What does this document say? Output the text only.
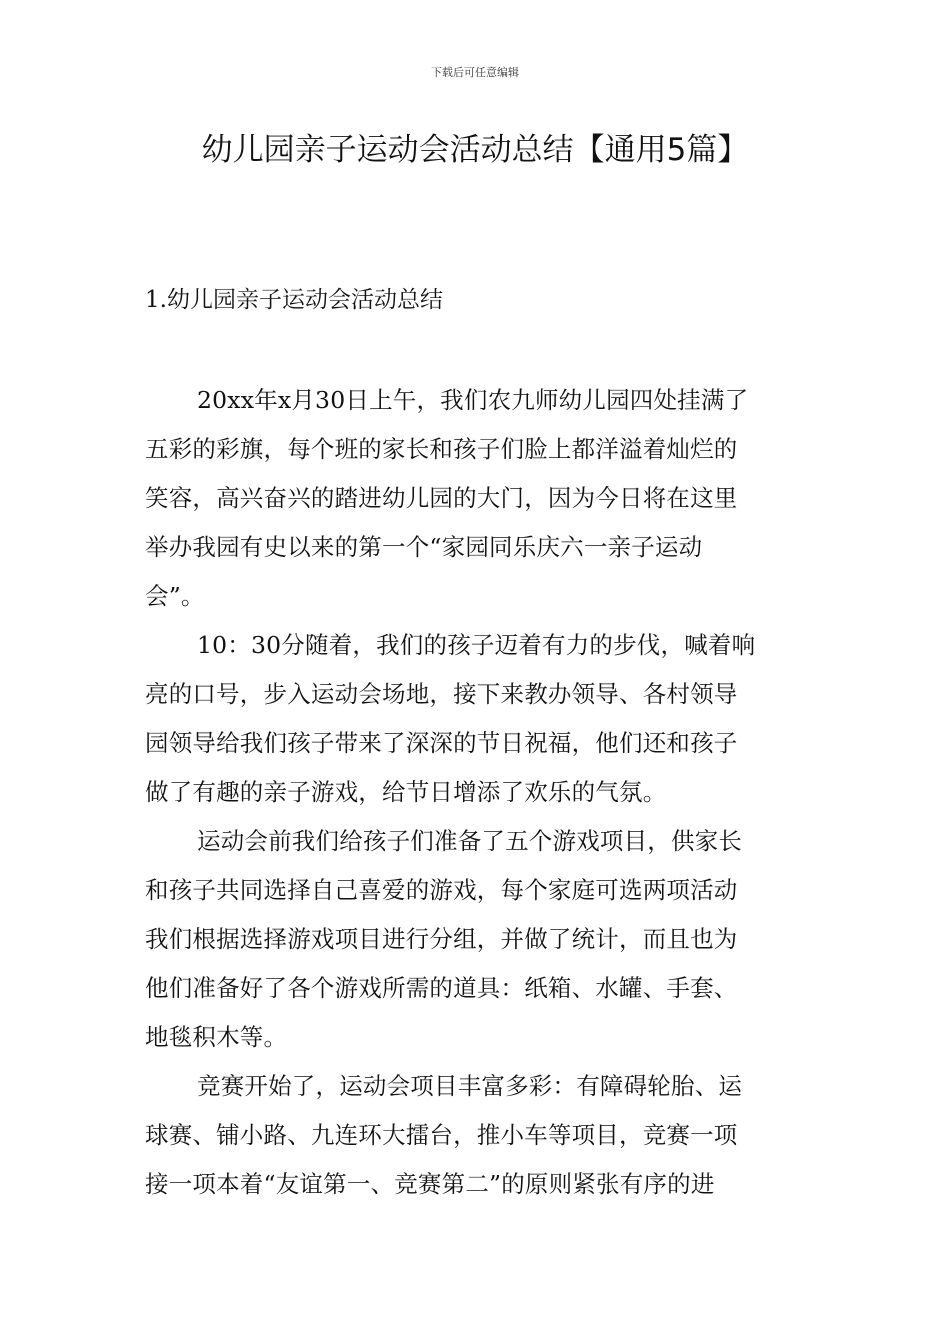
下载后可任意编辑
幼儿园亲子运动会活动总结【通用5篇】
1.幼儿园亲子运动会活动总结

20xx年x月30日上午，我们农九师幼儿园四处挂满了
五彩的彩旗，每个班的家长和孩子们脸上都洋溢着灿烂的
笑容，高兴奋兴的踏进幼儿园的大门，因为今日将在这里
举办我园有史以来的第一个“家园同乐庆六一亲子运动
会”。

10：30分随着，我们的孩子迈着有力的步伐，喊着响
亮的口号，步入运动会场地，接下来教办领导、各村领导
园领导给我们孩子带来了深深的节日祝福，他们还和孩子
做了有趣的亲子游戏，给节日增添了欢乐的气氛。

运动会前我们给孩子们准备了五个游戏项目，供家长
和孩子共同选择自己喜爱的游戏，每个家庭可选两项活动
我们根据选择游戏项目进行分组，并做了统计，而且也为
他们准备好了各个游戏所需的道具：纸箱、水罐、手套、
地毯积木等。

竞赛开始了，运动会项目丰富多彩：有障碍轮胎、运
球赛、铺小路、九连环大擂台，推小车等项目，竞赛一项
接一项本着“友谊第一、竞赛第二”的原则紧张有序的进
